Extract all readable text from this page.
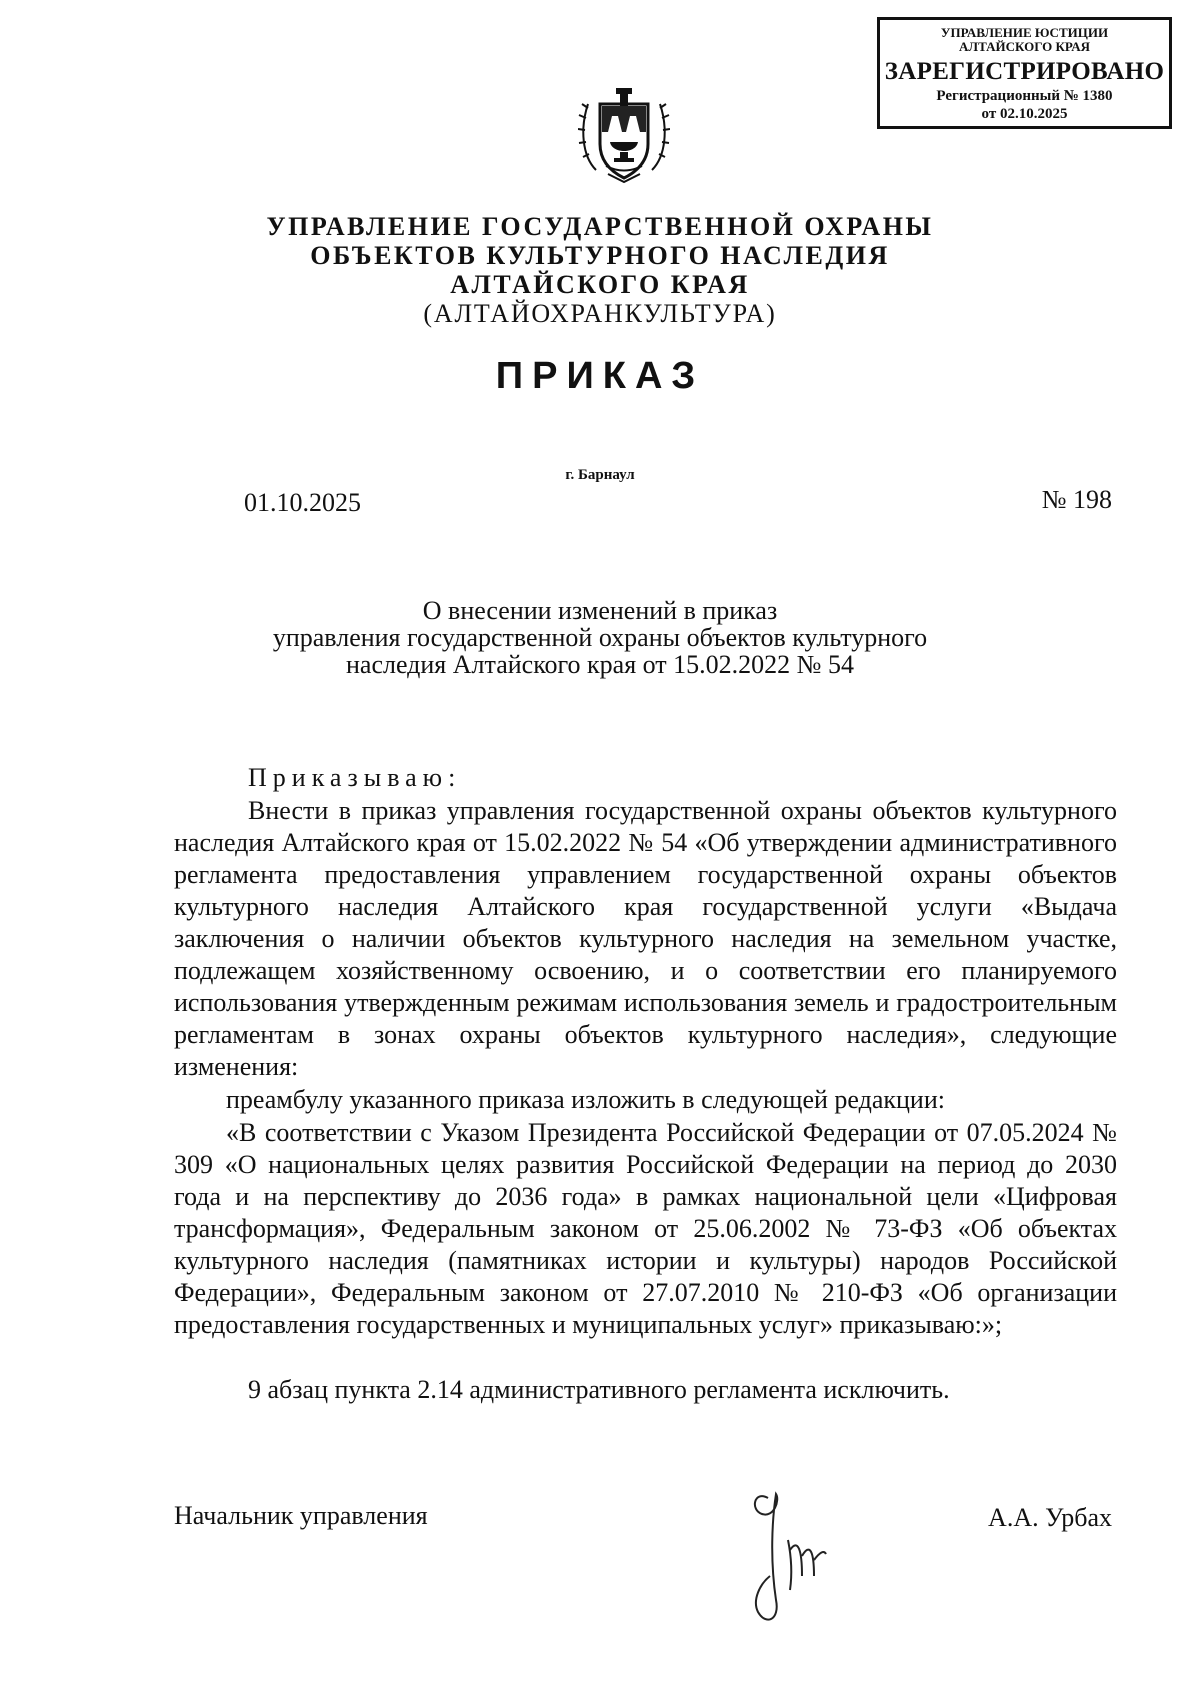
УПРАВЛЕНИЕ ЮСТИЦИИ
АЛТАЙСКОГО КРАЯ
ЗАРЕГИСТРИРОВАНО
Регистрационный № 1380
от 02.10.2025
УПРАВЛЕНИЕ ГОСУДАРСТВЕННОЙ ОХРАНЫ
ОБЪЕКТОВ КУЛЬТУРНОГО НАСЛЕДИЯ
АЛТАЙСКОГО КРАЯ
(АЛТАЙОХРАНКУЛЬТУРА)
ПРИКАЗ
г. Барнаул
01.10.2025	№ 198
О внесении изменений в приказ
управления государственной охраны объектов культурного
наследия Алтайского края от 15.02.2022 № 54
Приказываю:
Внести в приказ управления государственной охраны объектов культурного наследия Алтайского края от 15.02.2022 № 54 «Об утверждении административного регламента предоставления управлением государственной охраны объектов культурного наследия Алтайского края государственной услуги «Выдача заключения о наличии объектов культурного наследия на земельном участке, подлежащем хозяйственному освоению, и о соответствии его планируемого использования утвержденным режимам использования земель и градостроительным регламентам в зонах охраны объектов культурного наследия», следующие изменения:
преамбулу указанного приказа изложить в следующей редакции:
«В соответствии с Указом Президента Российской Федерации от 07.05.2024 № 309 «О национальных целях развития Российской Федерации на период до 2030 года и на перспективу до 2036 года» в рамках национальной цели «Цифровая трансформация», Федеральным законом от 25.06.2002 № 73-ФЗ «Об объектах культурного наследия (памятниках истории и культуры) народов Российской Федерации», Федеральным законом от 27.07.2010 № 210-ФЗ «Об организации предоставления государственных и муниципальных услуг» приказываю:»;
9 абзац пункта 2.14 административного регламента исключить.
Начальник управления	А.А. Урбах
